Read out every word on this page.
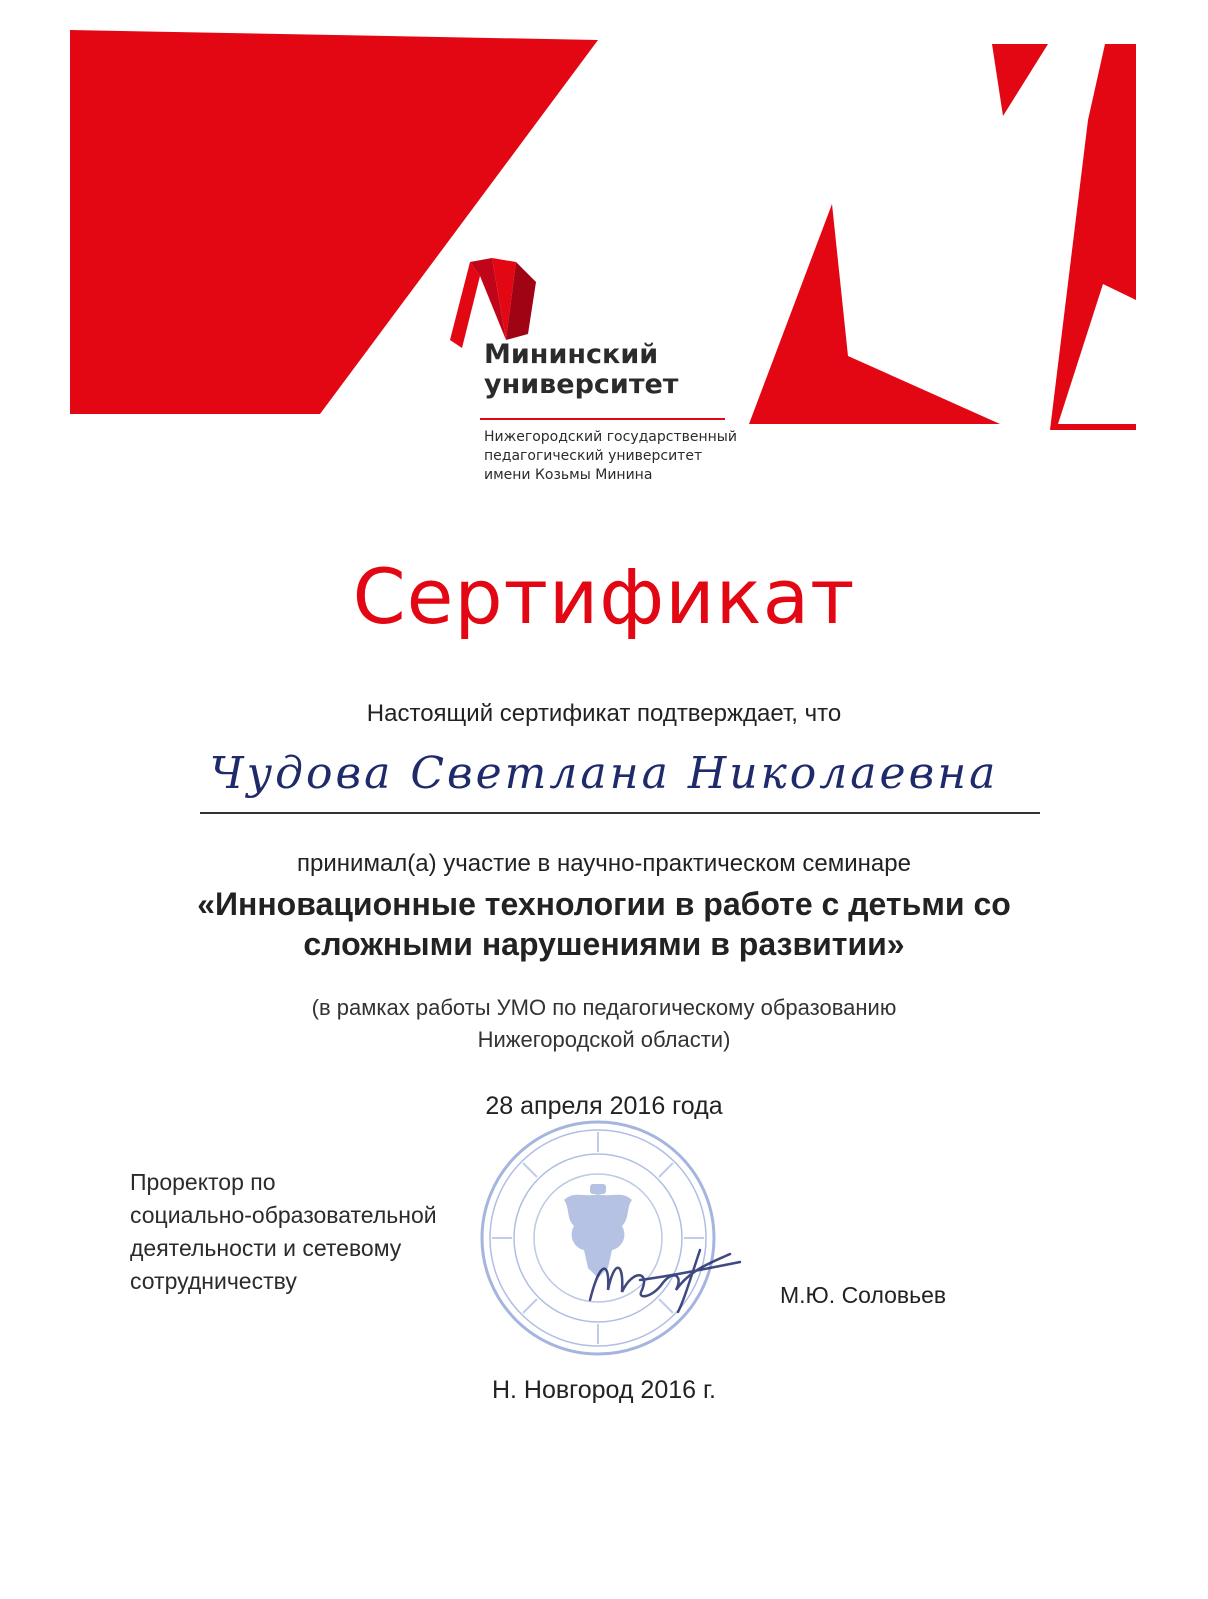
Мининский
университет
Нижегородский государственный
педагогический университет
имени Козьмы Минина
Сертификат
Настоящий сертификат подтверждает, что
Чудова Светлана Николаевна
принимал(а) участие в научно-практическом семинаре
«Инновационные технологии в работе с детьми со
сложными нарушениями в развитии»
(в рамках работы УМО по педагогическому образованию
Нижегородской области)
28 апреля 2016 года
Проректор по
социально-образовательной
деятельности и сетевому
сотрудничеству
М.Ю. Соловьев
Н. Новгород 2016 г.
